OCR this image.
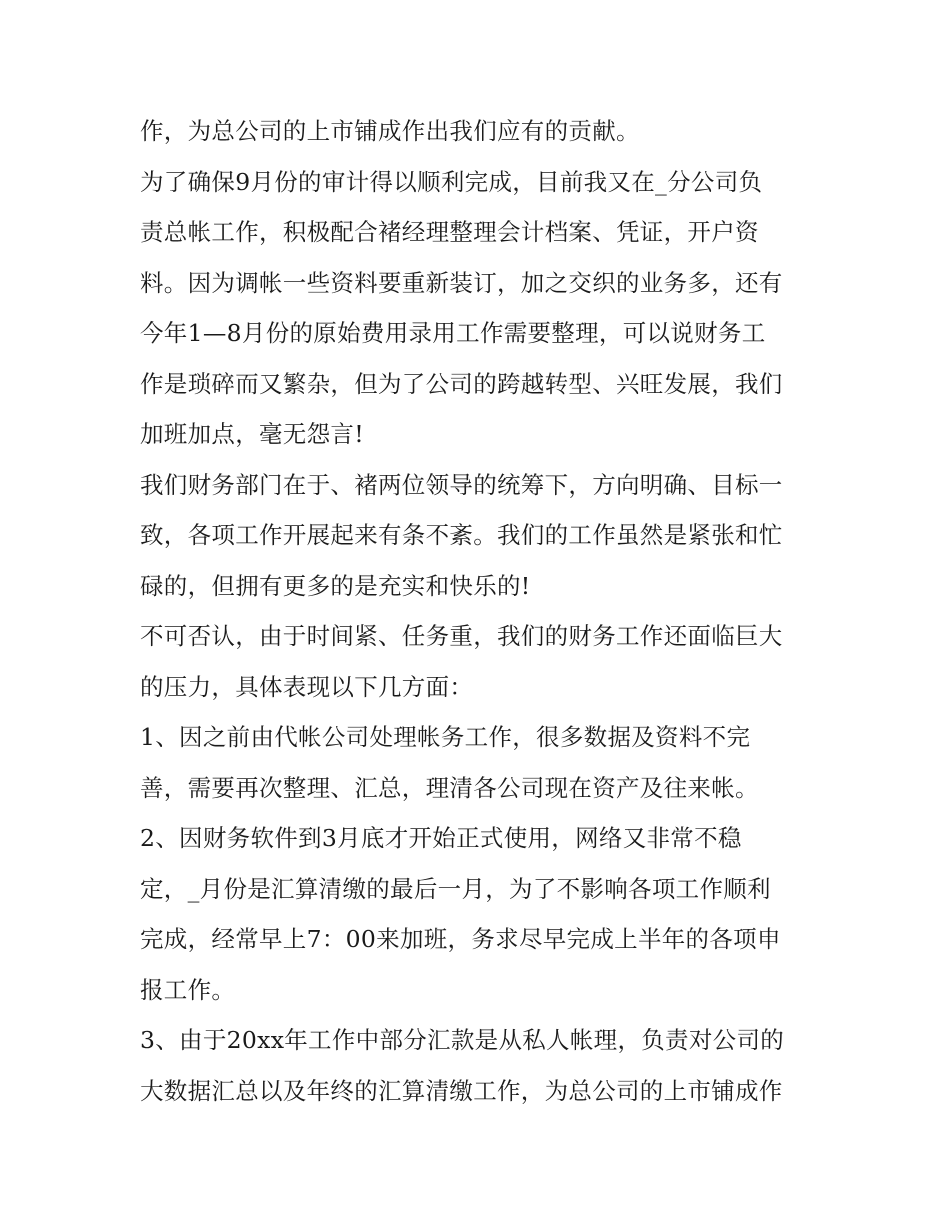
作，为总公司的上市铺成作出我们应有的贡献。

为了确保9月份的审计得以顺利完成，目前我又在_分公司负

责总帐工作，积极配合褚经理整理会计档案、凭证，开户资

料。因为调帐一些资料要重新装订，加之交织的业务多，还有

今年1—8月份的原始费用录用工作需要整理，可以说财务工

作是琐碎而又繁杂，但为了公司的跨越转型、兴旺发展，我们

加班加点，毫无怨言!

我们财务部门在于、褚两位领导的统筹下，方向明确、目标一

致，各项工作开展起来有条不紊。我们的工作虽然是紧张和忙

碌的，但拥有更多的是充实和快乐的!

不可否认，由于时间紧、任务重，我们的财务工作还面临巨大

的压力，具体表现以下几方面：

1、因之前由代帐公司处理帐务工作，很多数据及资料不完

善，需要再次整理、汇总，理清各公司现在资产及往来帐。

2、因财务软件到3月底才开始正式使用，网络又非常不稳

定，_月份是汇算清缴的最后一月，为了不影响各项工作顺利

完成，经常早上7：00来加班，务求尽早完成上半年的各项申

报工作。

3、由于20xx年工作中部分汇款是从私人帐理，负责对公司的

大数据汇总以及年终的汇算清缴工作，为总公司的上市铺成作
